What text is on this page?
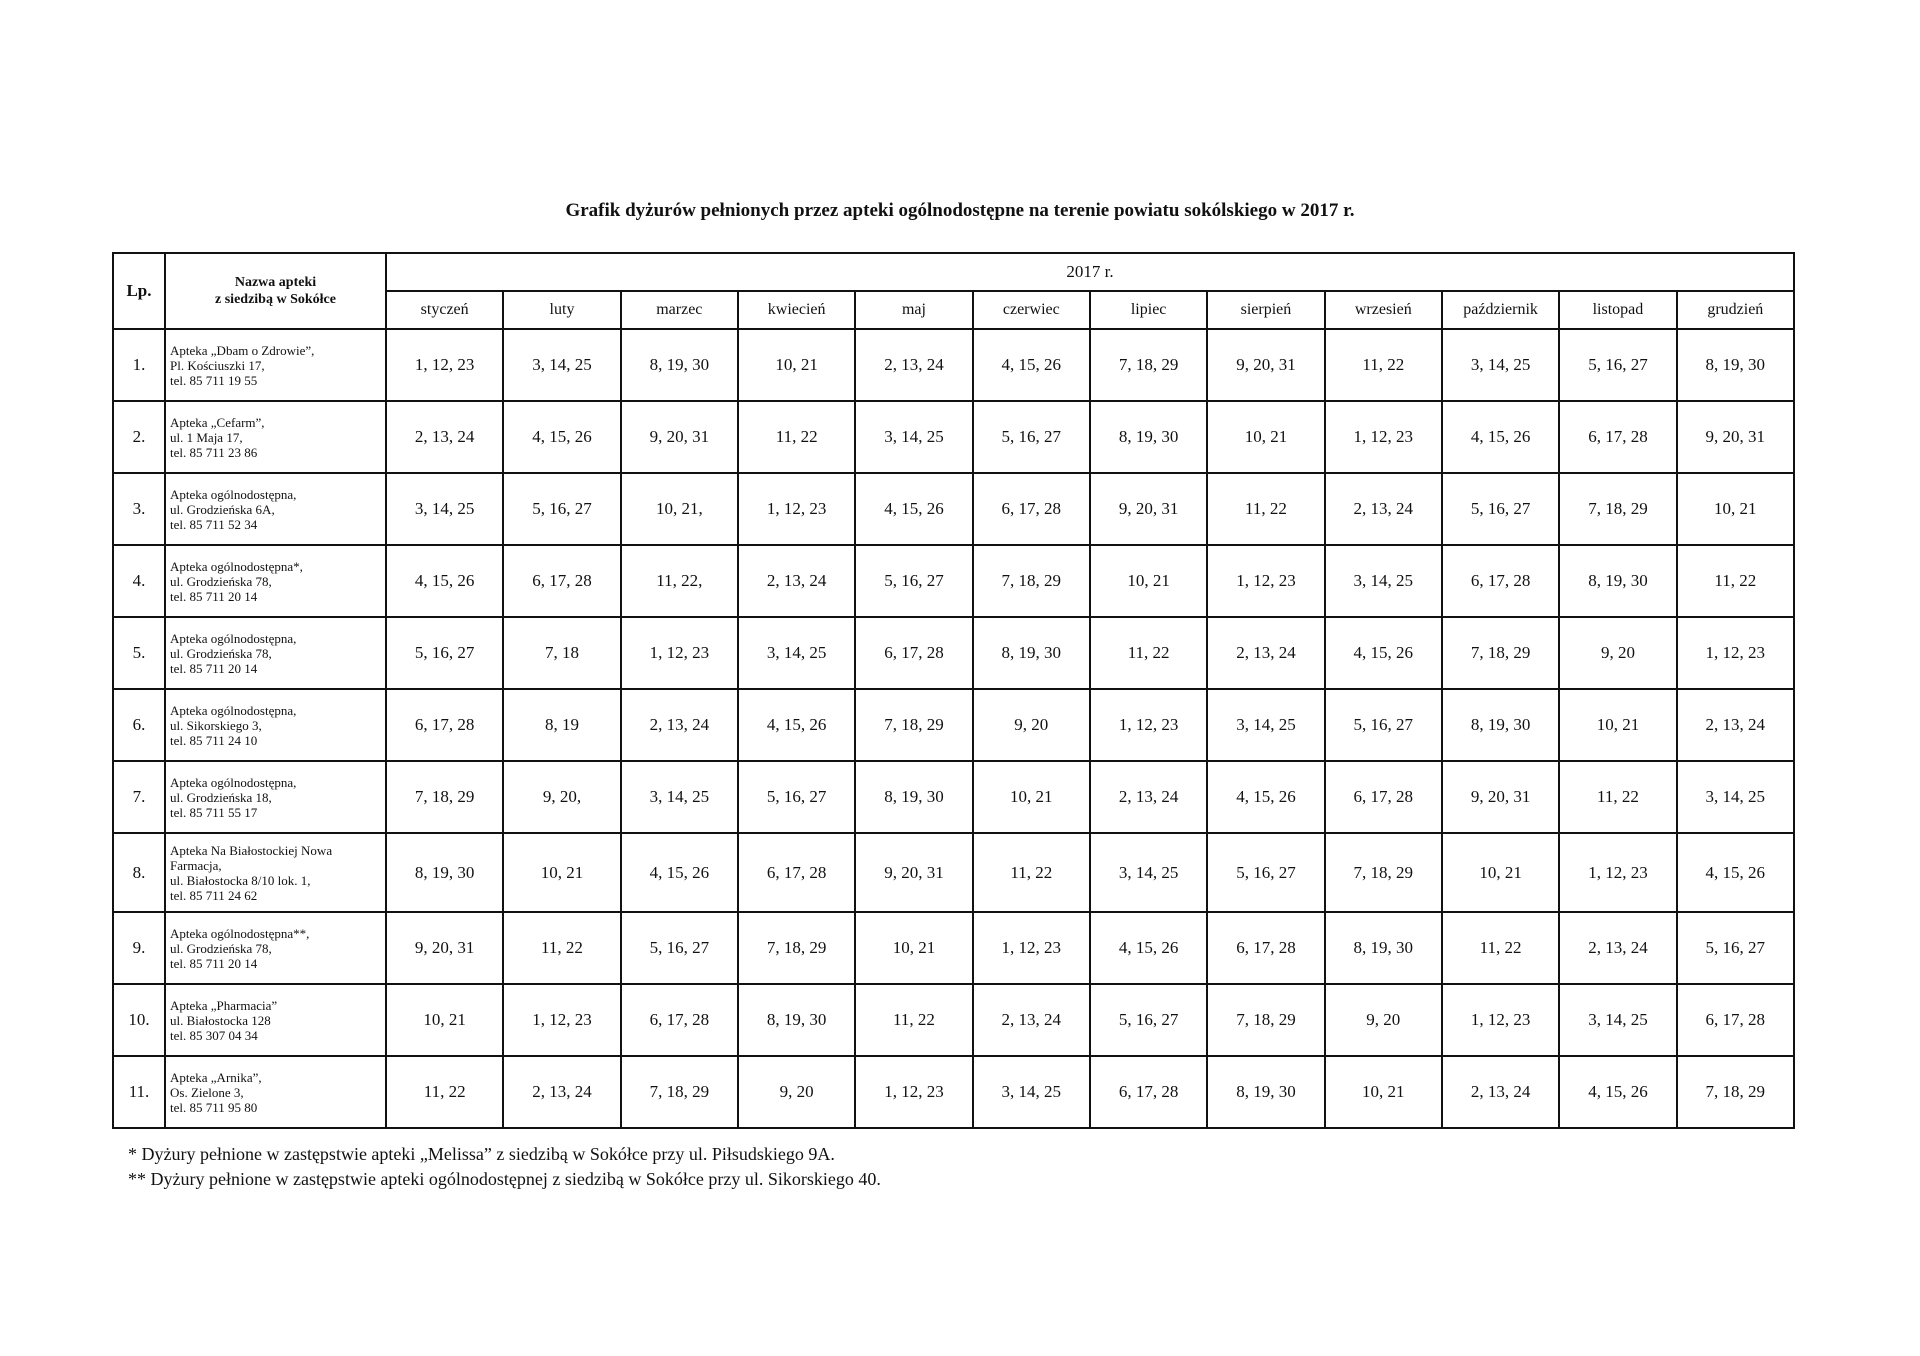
Grafik dyżurów pełnionych przez apteki ogólnodostępne na terenie powiatu sokólskiego w 2017 r.
Lp.	Nazwa apteki
z siedzibą w Sokółce	2017 r.											
		styczeń	luty	marzec	kwiecień	maj	czerwiec	lipiec	sierpień	wrzesień	październik	listopad	grudzień
1.	Apteka „Dbam o Zdrowie”,
Pl. Kościuszki 17,
tel. 85 711 19 55	1, 12, 23	3, 14, 25	8, 19, 30	10, 21	2, 13, 24	4, 15, 26	7, 18, 29	9, 20, 31	11, 22	3, 14, 25	5, 16, 27	8, 19, 30
2.	Apteka „Cefarm”,
ul. 1 Maja 17,
tel. 85 711 23 86	2, 13, 24	4, 15, 26	9, 20, 31	11, 22	3, 14, 25	5, 16, 27	8, 19, 30	10, 21	1, 12, 23	4, 15, 26	6, 17, 28	9, 20, 31
3.	Apteka ogólnodostępna,
ul. Grodzieńska 6A,
tel. 85 711 52 34	3, 14, 25	5, 16, 27	10, 21,	1, 12, 23	4, 15, 26	6, 17, 28	9, 20, 31	11, 22	2, 13, 24	5, 16, 27	7, 18, 29	10, 21
4.	Apteka ogólnodostępna*,
ul. Grodzieńska 78,
tel. 85 711 20 14	4, 15, 26	6, 17, 28	11, 22,	2, 13, 24	5, 16, 27	7, 18, 29	10, 21	1, 12, 23	3, 14, 25	6, 17, 28	8, 19, 30	11, 22
5.	Apteka ogólnodostępna,
ul. Grodzieńska 78,
tel. 85 711 20 14	5, 16, 27	7, 18	1, 12, 23	3, 14, 25	6, 17, 28	8, 19, 30	11, 22	2, 13, 24	4, 15, 26	7, 18, 29	9, 20	1, 12, 23
6.	Apteka ogólnodostępna,
ul. Sikorskiego 3,
tel. 85 711 24 10	6, 17, 28	8, 19	2, 13, 24	4, 15, 26	7, 18, 29	9, 20	1, 12, 23	3, 14, 25	5, 16, 27	8, 19, 30	10, 21	2, 13, 24
7.	Apteka ogólnodostępna,
ul. Grodzieńska 18,
tel. 85 711 55 17	7, 18, 29	9, 20,	3, 14, 25	5, 16, 27	8, 19, 30	10, 21	2, 13, 24	4, 15, 26	6, 17, 28	9, 20, 31	11, 22	3, 14, 25
8.	Apteka Na Białostockiej Nowa
Farmacja,
ul. Białostocka 8/10 lok. 1,
tel. 85 711 24 62	8, 19, 30	10, 21	4, 15, 26	6, 17, 28	9, 20, 31	11, 22	3, 14, 25	5, 16, 27	7, 18, 29	10, 21	1, 12, 23	4, 15, 26
9.	Apteka ogólnodostępna**,
ul. Grodzieńska 78,
tel. 85 711 20 14	9, 20, 31	11, 22	5, 16, 27	7, 18, 29	10, 21	1, 12, 23	4, 15, 26	6, 17, 28	8, 19, 30	11, 22	2, 13, 24	5, 16, 27
10.	Apteka „Pharmacia”
ul. Białostocka 128
tel. 85 307 04 34	10, 21	1, 12, 23	6, 17, 28	8, 19, 30	11, 22	2, 13, 24	5, 16, 27	7, 18, 29	9, 20	1, 12, 23	3, 14, 25	6, 17, 28
11.	Apteka „Arnika”,
Os. Zielone 3,
tel. 85 711 95 80	11, 22	2, 13, 24	7, 18, 29	9, 20	1, 12, 23	3, 14, 25	6, 17, 28	8, 19, 30	10, 21	2, 13, 24	4, 15, 26	7, 18, 29
* Dyżury pełnione w zastępstwie apteki „Melissa” z siedzibą w Sokółce przy ul. Piłsudskiego 9A.
** Dyżury pełnione w zastępstwie apteki ogólnodostępnej z siedzibą w Sokółce przy ul. Sikorskiego 40.
